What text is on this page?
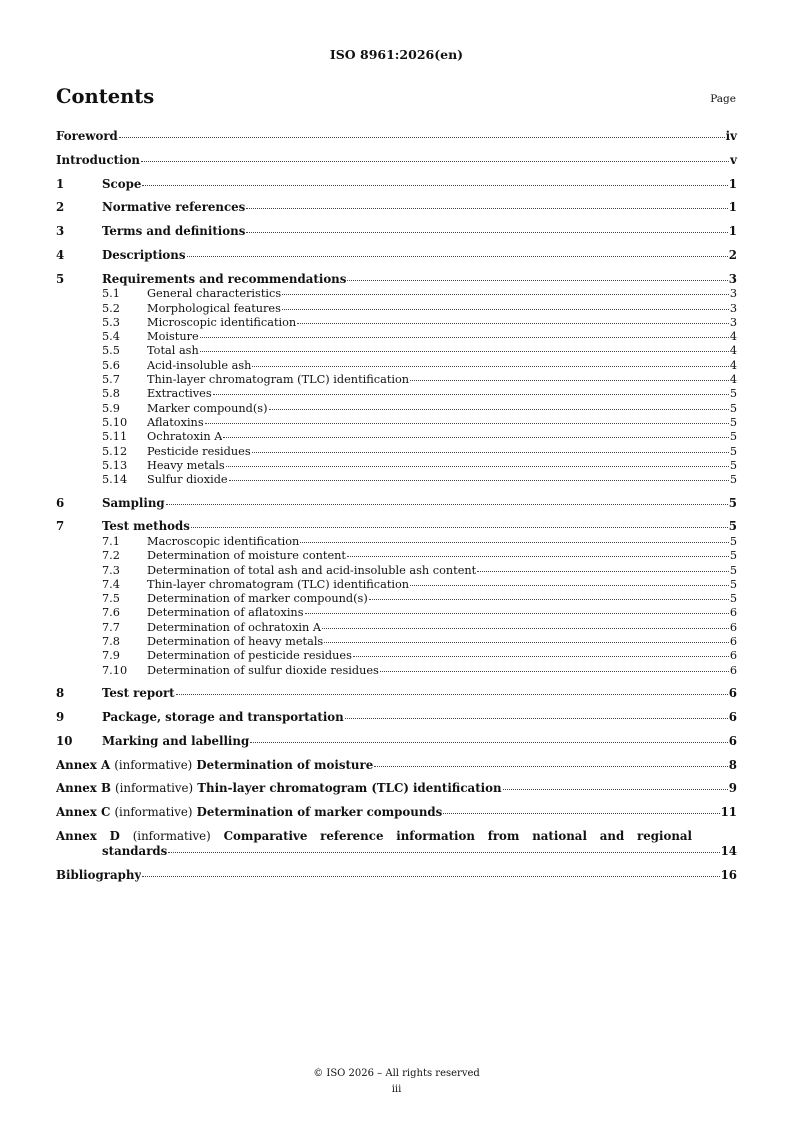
ISO 8961:2026(en)
Contents	Page
Foreword	iv
Introduction	v
1	Scope	1
2	Normative references	1
3	Terms and definitions	1
4	Descriptions	2
5	Requirements and recommendations	3
5.1	General characteristics	3
5.2	Morphological features	3
5.3	Microscopic identification	3
5.4	Moisture	4
5.5	Total ash	4
5.6	Acid-insoluble ash	4
5.7	Thin-layer chromatogram (TLC) identification	4
5.8	Extractives	5
5.9	Marker compound(s)	5
5.10	Aflatoxins	5
5.11	Ochratoxin A	5
5.12	Pesticide residues	5
5.13	Heavy metals	5
5.14	Sulfur dioxide	5
6	Sampling	5
7	Test methods	5
7.1	Macroscopic identification	5
7.2	Determination of moisture content	5
7.3	Determination of total ash and acid-insoluble ash content	5
7.4	Thin-layer chromatogram (TLC) identification	5
7.5	Determination of marker compound(s)	5
7.6	Determination of aflatoxins	6
7.7	Determination of ochratoxin A	6
7.8	Determination of heavy metals	6
7.9	Determination of pesticide residues	6
7.10	Determination of sulfur dioxide residues	6
8	Test report	6
9	Package, storage and transportation	6
10	Marking and labelling	6
Annex A (informative) Determination of moisture	8
Annex B (informative) Thin-layer chromatogram (TLC) identification	9
Annex C (informative) Determination of marker compounds	11
Annex D (informative) Comparative reference information from national and regional
standards	14
Bibliography	16
© ISO 2026 – All rights reserved
iii
